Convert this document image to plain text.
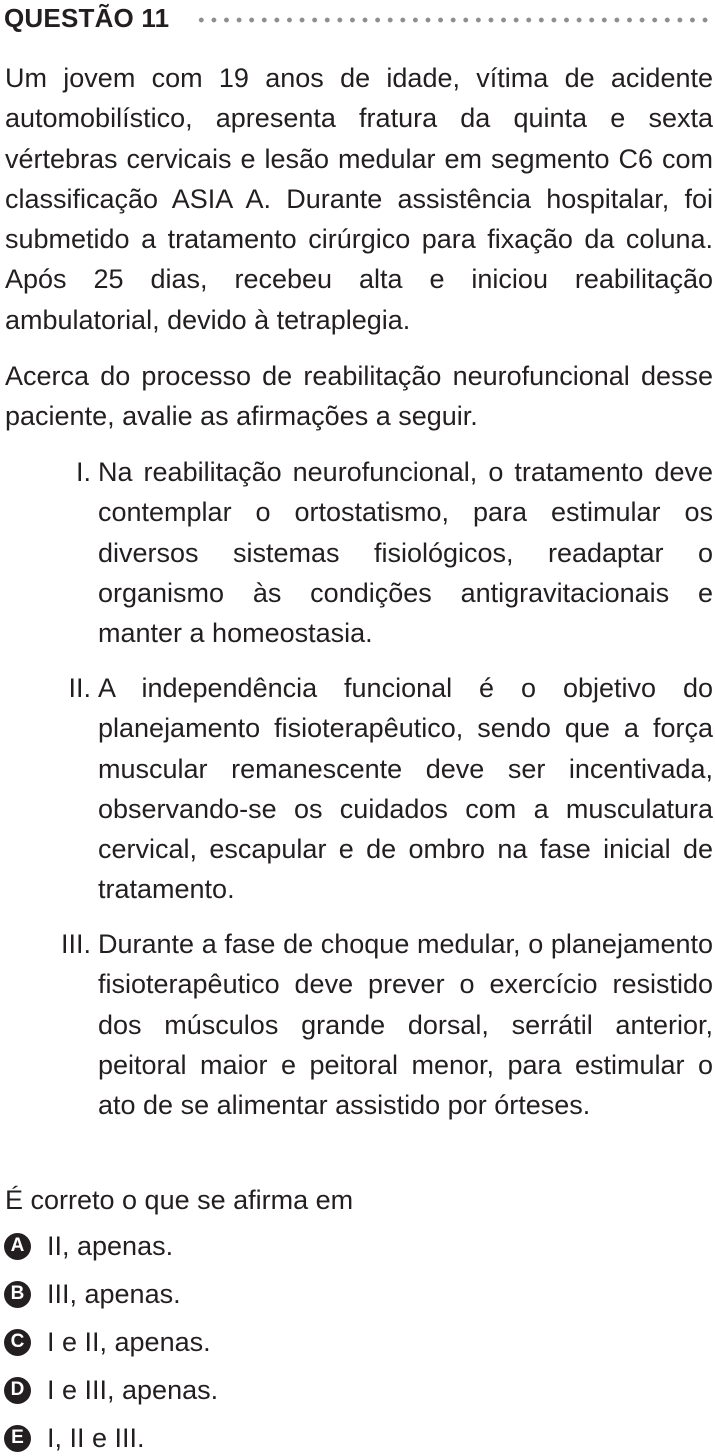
QUESTÃO 11

Um jovem com 19 anos de idade, vítima de acidente automobilístico, apresenta fratura da quinta e sexta vértebras cervicais e lesão medular em segmento C6 com classificação ASIA A. Durante assistência hospitalar, foi submetido a tratamento cirúrgico para fixação da coluna. Após 25 dias, recebeu alta e iniciou reabilitação ambulatorial, devido à tetraplegia.

Acerca do processo de reabilitação neurofuncional desse paciente, avalie as afirmações a seguir.

I. Na reabilitação neurofuncional, o tratamento deve contemplar o ortostatismo, para estimular os diversos sistemas fisiológicos, readaptar o organismo às condições antigravitacionais e manter a homeostasia.

II. A independência funcional é o objetivo do planejamento fisioterapêutico, sendo que a força muscular remanescente deve ser incentivada, observando-se os cuidados com a musculatura cervical, escapular e de ombro na fase inicial de tratamento.

III. Durante a fase de choque medular, o planejamento fisioterapêutico deve prever o exercício resistido dos músculos grande dorsal, serrátil anterior, peitoral maior e peitoral menor, para estimular o ato de se alimentar assistido por órteses.

É correto o que se afirma em
A II, apenas.
B III, apenas.
C I e II, apenas.
D I e III, apenas.
E I, II e III.
